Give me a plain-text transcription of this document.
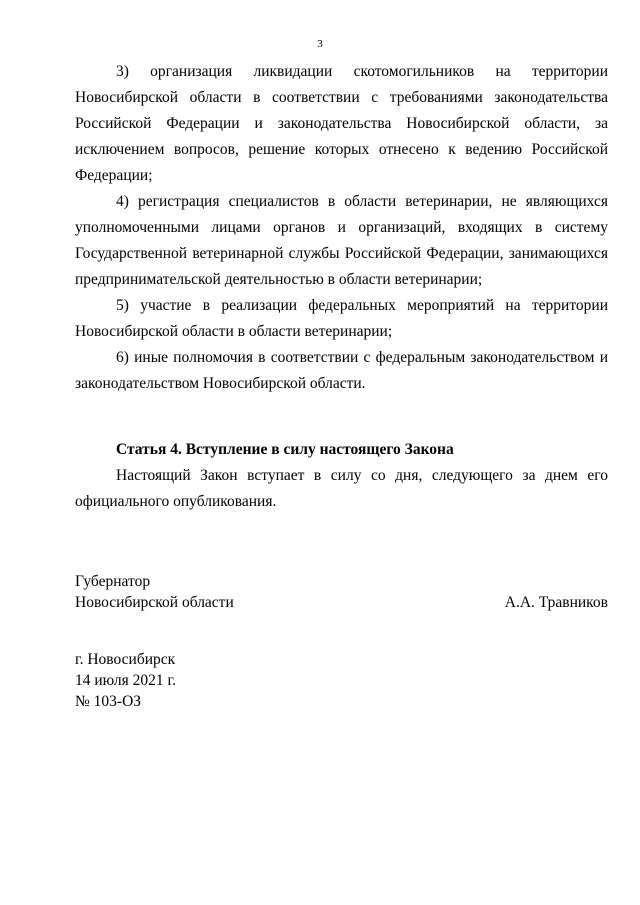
3

3) организация ликвидации скотомогильников на территории Новосибирской области в соответствии с требованиями законодательства Российской Федерации и законодательства Новосибирской области, за исключением вопросов, решение которых отнесено к ведению Российской Федерации;

4) регистрация специалистов в области ветеринарии, не являющихся уполномоченными лицами органов и организаций, входящих в систему Государственной ветеринарной службы Российской Федерации, занимающихся предпринимательской деятельностью в области ветеринарии;

5) участие в реализации федеральных мероприятий на территории Новосибирской области в области ветеринарии;

6) иные полномочия в соответствии с федеральным законодательством и законодательством Новосибирской области.

Статья 4. Вступление в силу настоящего Закона

Настоящий Закон вступает в силу со дня, следующего за днем его официального опубликования.

Губернатор
Новосибирской области	А.А. Травников
г. Новосибирск
14 июля 2021 г.
№ 103-ОЗ
